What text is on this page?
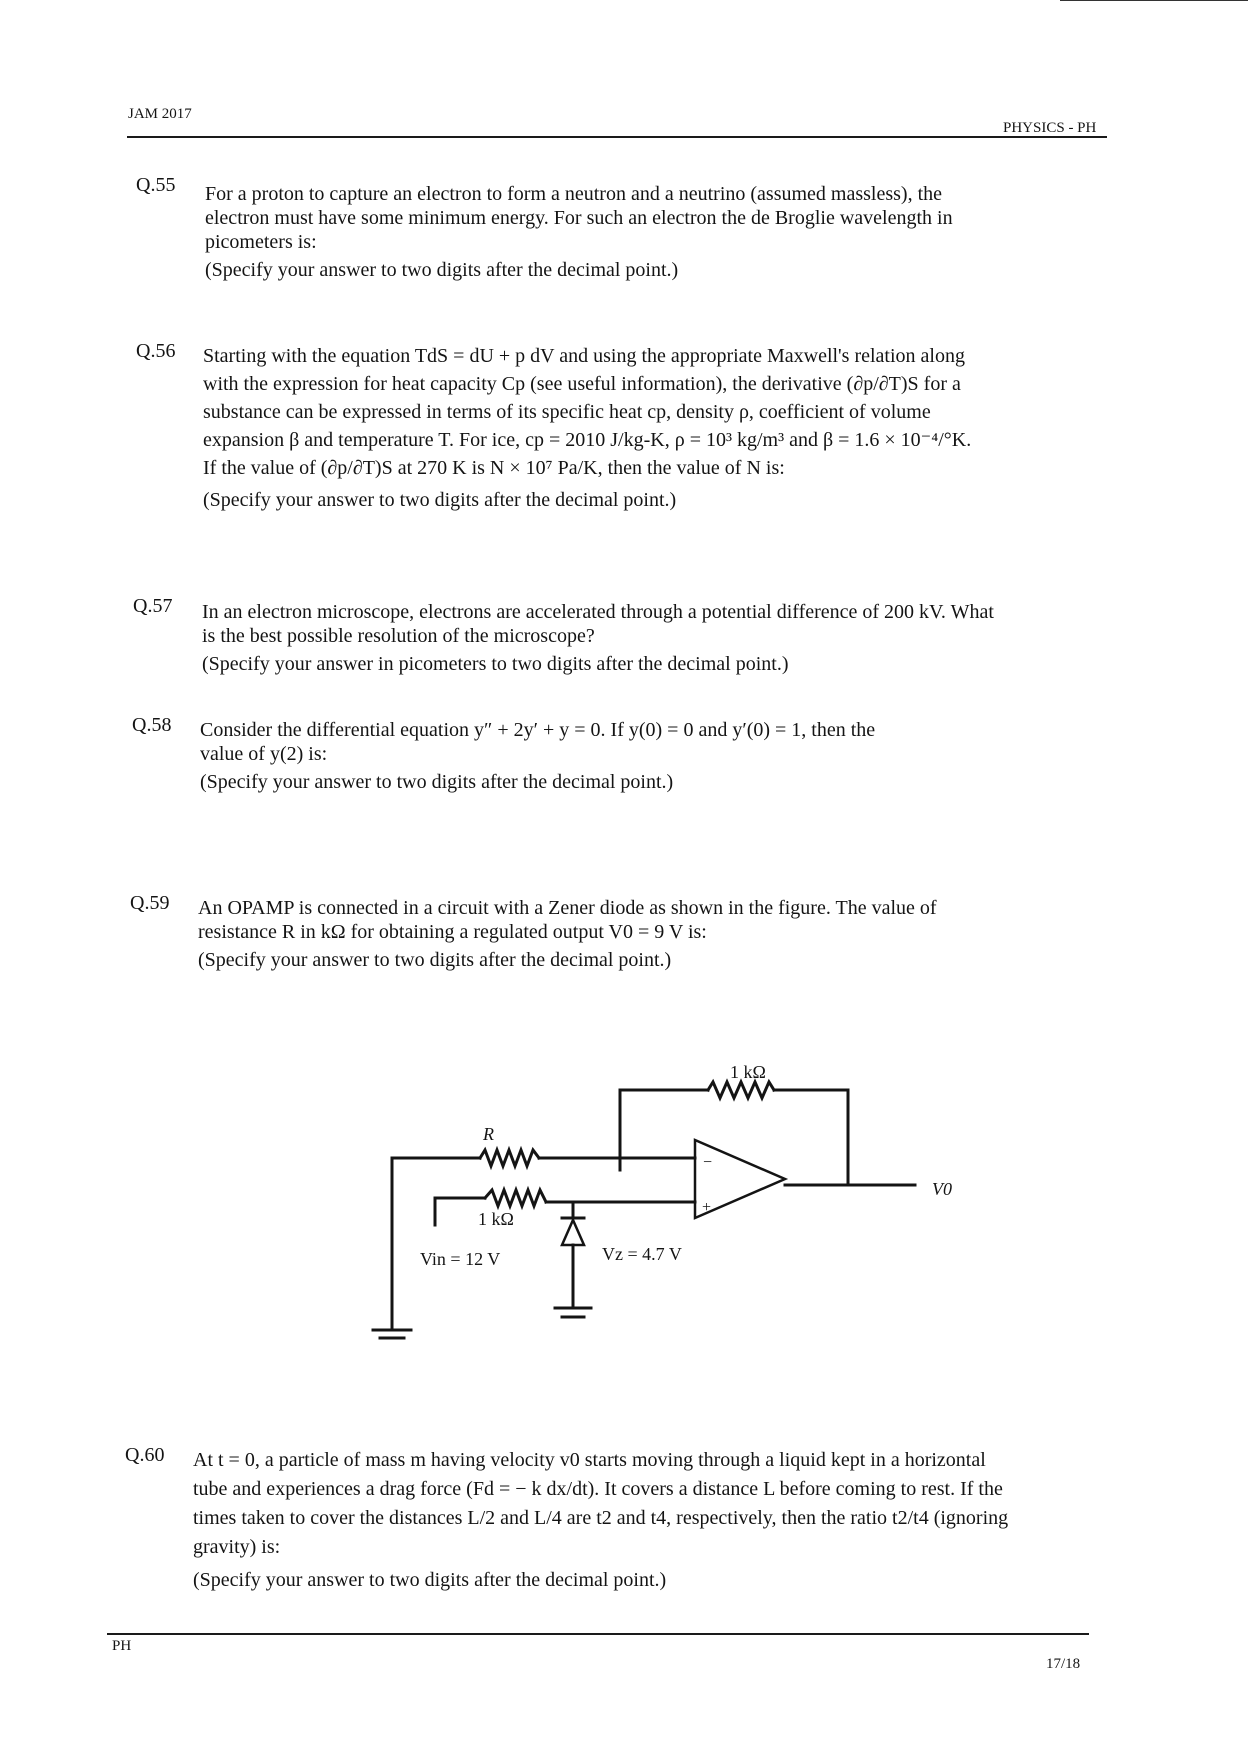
JAM 2017
PHYSICS - PH
Q.55 For a proton to capture an electron to form a neutron and a neutrino (assumed massless), the

electron must have some minimum energy. For such an electron the de Broglie wavelength in

picometers is:

(Specify your answer to two digits after the decimal point.)

Q.56 Starting with the equation TdS = dU + p dV and using the appropriate Maxwell's relation along

with the expression for heat capacity Cp (see useful information), the derivative (∂p/∂T)S for a

substance can be expressed in terms of its specific heat cp, density ρ, coefficient of volume

expansion β and temperature T. For ice, cp = 2010 J/kg-K, ρ = 10³ kg/m³ and β = 1.6 × 10⁻⁴/°K.

If the value of (∂p/∂T)S at 270 K is N × 10⁷ Pa/K, then the value of N is:

(Specify your answer to two digits after the decimal point.)

Q.57 In an electron microscope, electrons are accelerated through a potential difference of 200 kV. What

is the best possible resolution of the microscope?

(Specify your answer in picometers to two digits after the decimal point.)

Q.58 Consider the differential equation y″ + 2y′ + y = 0. If y(0) = 0 and y′(0) = 1, then the

value of y(2) is:

(Specify your answer to two digits after the decimal point.)

Q.59 An OPAMP is connected in a circuit with a Zener diode as shown in the figure. The value of

resistance R in kΩ for obtaining a regulated output V0 = 9 V is:

(Specify your answer to two digits after the decimal point.)

1 kΩ
R
1 kΩ
Vin = 12 V	Vz = 4.7 V
V0
−
+
Q.60 At t = 0, a particle of mass m having velocity v0 starts moving through a liquid kept in a horizontal

tube and experiences a drag force (Fd = − k dx/dt). It covers a distance L before coming to rest. If the

times taken to cover the distances L/2 and L/4 are t2 and t4, respectively, then the ratio t2/t4 (ignoring

gravity) is:

(Specify your answer to two digits after the decimal point.)

PH
17/18
